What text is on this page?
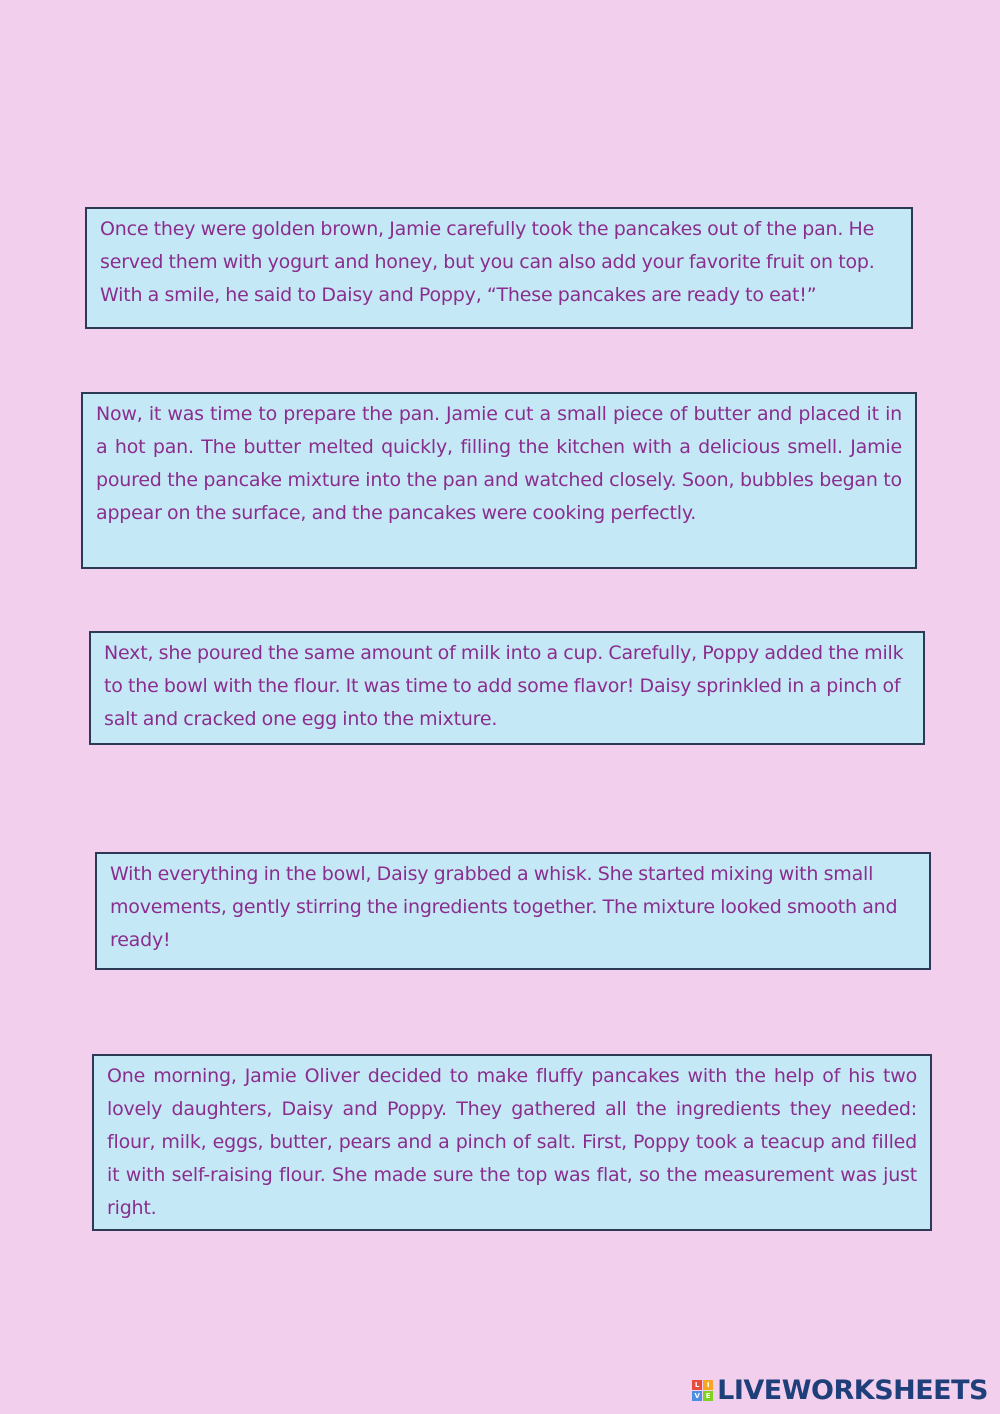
Once they were golden brown, Jamie carefully took the pancakes out of the pan. He served them with yogurt and honey, but you can also add your favorite fruit on top. With a smile, he said to Daisy and Poppy, “These pancakes are ready to eat!”
Now, it was time to prepare the pan. Jamie cut a small piece of butter and placed it in a hot pan. The butter melted quickly, filling the kitchen with a delicious smell. Jamie poured the pancake mixture into the pan and watched closely. Soon, bubbles began to appear on the surface, and the pancakes were cooking perfectly.
Next, she poured the same amount of milk into a cup. Carefully, Poppy added the milk to the bowl with the flour. It was time to add some flavor! Daisy sprinkled in a pinch of salt and cracked one egg into the mixture.
With everything in the bowl, Daisy grabbed a whisk. She started mixing with small movements, gently stirring the ingredients together. The mixture looked smooth and ready!
One morning, Jamie Oliver decided to make fluffy pancakes with the help of his two lovely daughters, Daisy and Poppy. They gathered all the ingredients they needed: flour, milk, eggs, butter, pears and a pinch of salt. First, Poppy took a teacup and filled it with self-raising flour. She made sure the top was flat, so the measurement was just right.
L	I
V E LIVEWORKSHEETS
